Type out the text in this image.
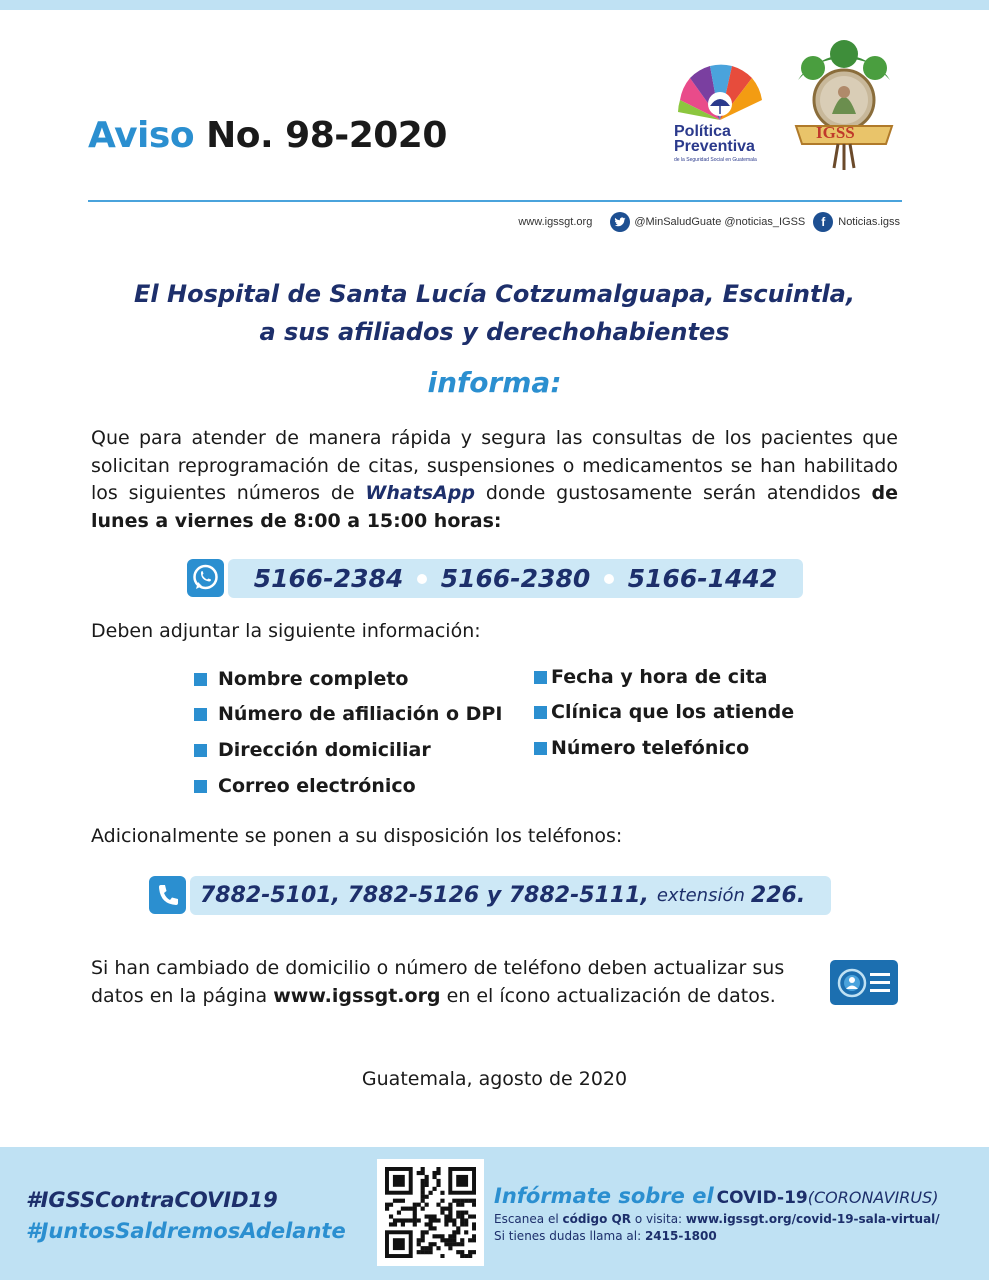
Aviso No. 98-2020	Política
Preventiva
de la Seguridad Social en Guatemala
IGSS
www.igssgt.org	@MinSaludGuate @noticias_IGSS	f	Noticias.igss
El Hospital de Santa Lucía Cotzumalguapa, Escuintla,
a sus afiliados y derechohabientes
informa:
Que para atender de manera rápida y segura las consultas de los pacientes que solicitan reprogramación de citas, suspensiones o medicamentos se han habilitado los siguientes números de WhatsApp donde gustosamente serán atendidos de lunes a viernes de 8:00 a 15:00 horas:
5166-2384 5166-2380 5166-1442
Deben adjuntar la siguiente información:
Nombre completo
Número de afiliación o DPI
Dirección domiciliar
Correo electrónico
Fecha y hora de cita
Clínica que los atiende
Número telefónico
Adicionalmente se ponen a su disposición los teléfonos:
7882-5101, 7882-5126 y 7882-5111, extensión 226.
Si han cambiado de domicilio o número de teléfono deben actualizar sus datos en la página www.igssgt.org en el ícono actualización de datos.
Guatemala, agosto de 2020
#IGSSContraCOVID19
#JuntosSaldremosAdelante
Infórmate sobre el COVID-19(CORONAVIRUS)
Escanea el código QR o visita: www.igssgt.org/covid-19-sala-virtual/
Si tienes dudas llama al: 2415-1800
